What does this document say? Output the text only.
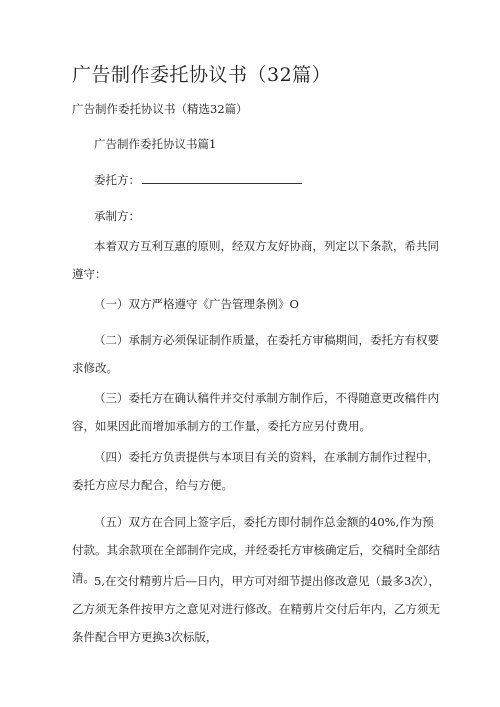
广告制作委托协议书（32篇）
广告制作委托协议书（精选32篇）
广告制作委托协议书篇1
委托方：
承制方：
本着双方互利互惠的原则，经双方友好协商，列定以下条款，希共同遵守：
（一）双方严格遵守《广告管理条例》O
（二）承制方必须保证制作质量，在委托方审稿期间，委托方有权要求修改。
（三）委托方在确认稿件并交付承制方制作后，不得随意更改稿件内容，如果因此而增加承制方的工作量，委托方应另付费用。
（四）委托方负责提供与本项目有关的资料，在承制方制作过程中，委托方应尽力配合，给与方便。
（五）双方在合同上签字后，委托方即付制作总金额的40%,作为预付款。其余款项在全部制作完成，并经委托方审核确定后，交稿时全部结清。 5,在交付精剪片后—日内，甲方可对细节提出修改意见（最多3次），乙方须无条件按甲方之意见对进行修改。在精剪片交付后年内，乙方须无条件配合甲方更换3次标版，
